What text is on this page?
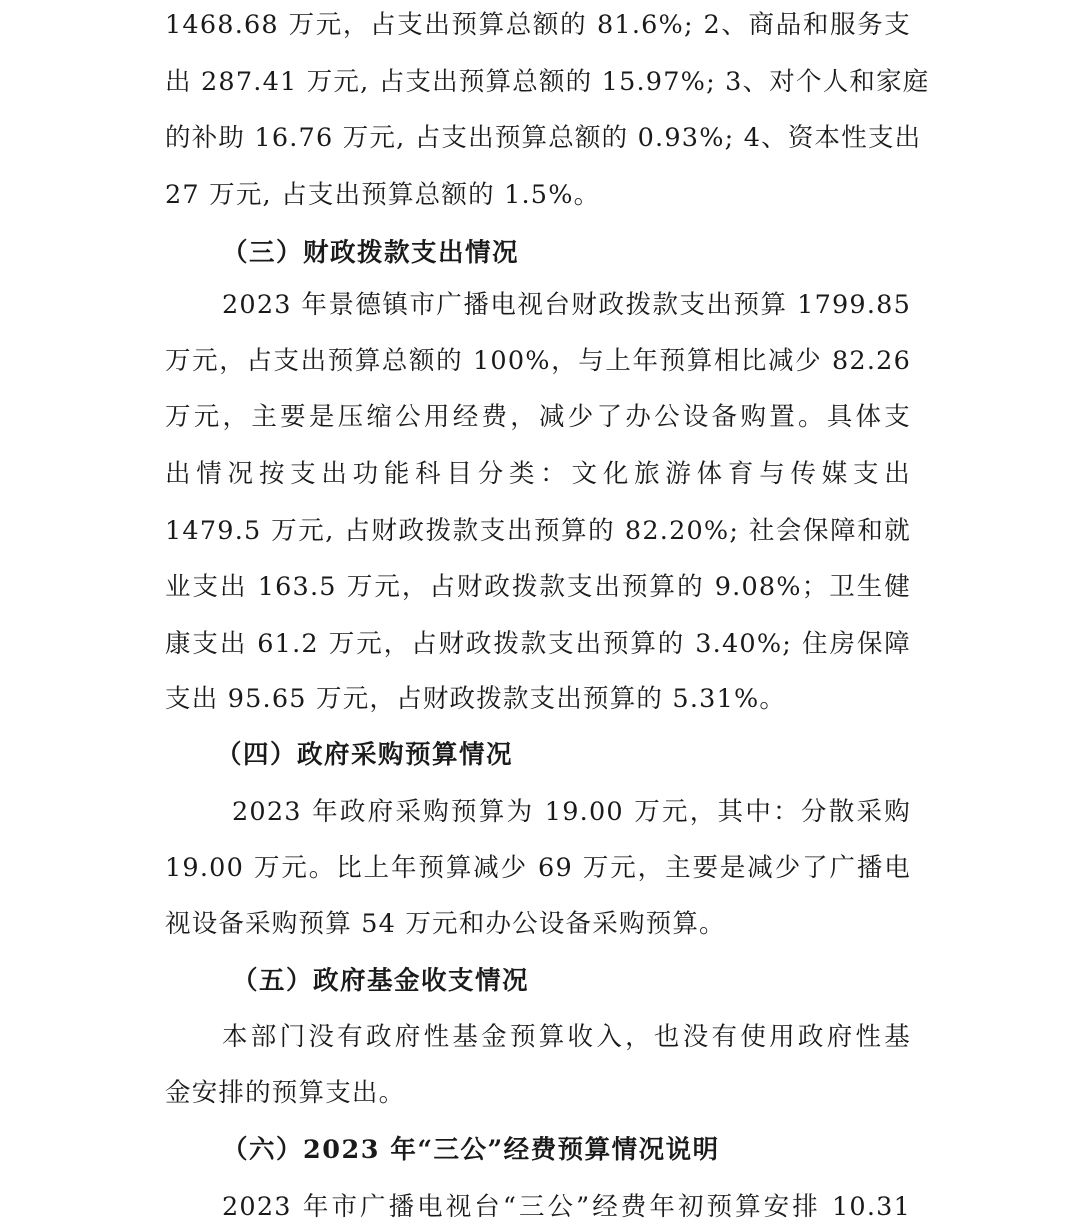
1468.68 万元，占支出预算总额的 81.6%; 2、商品和服务支
出 287.41 万元, 占支出预算总额的 15.97%; 3、对个人和家庭
的补助 16.76 万元, 占支出预算总额的 0.93%; 4、资本性支出
27 万元, 占支出预算总额的 1.5%。
（三）财政拨款支出情况
2023 年景德镇市广播电视台财政拨款支出预算 1799.85
万元，占支出预算总额的 100%，与上年预算相比减少 82.26
万元，主要是压缩公用经费，减少了办公设备购置。具体支
出情况按支出功能科目分类：文化旅游体育与传媒支出
1479.5 万元, 占财政拨款支出预算的 82.20%; 社会保障和就
业支出 163.5 万元，占财政拨款支出预算的 9.08%；卫生健
康支出 61.2 万元，占财政拨款支出预算的 3.40%; 住房保障
支出 95.65 万元，占财政拨款支出预算的 5.31%。
（四）政府采购预算情况
2023 年政府采购预算为 19.00 万元，其中：分散采购
19.00 万元。比上年预算减少 69 万元，主要是减少了广播电
视设备采购预算 54 万元和办公设备采购预算。
（五）政府基金收支情况
本部门没有政府性基金预算收入，也没有使用政府性基
金安排的预算支出。
（六）2023 年“三公”经费预算情况说明
2023 年市广播电视台“三公”经费年初预算安排 10.31
